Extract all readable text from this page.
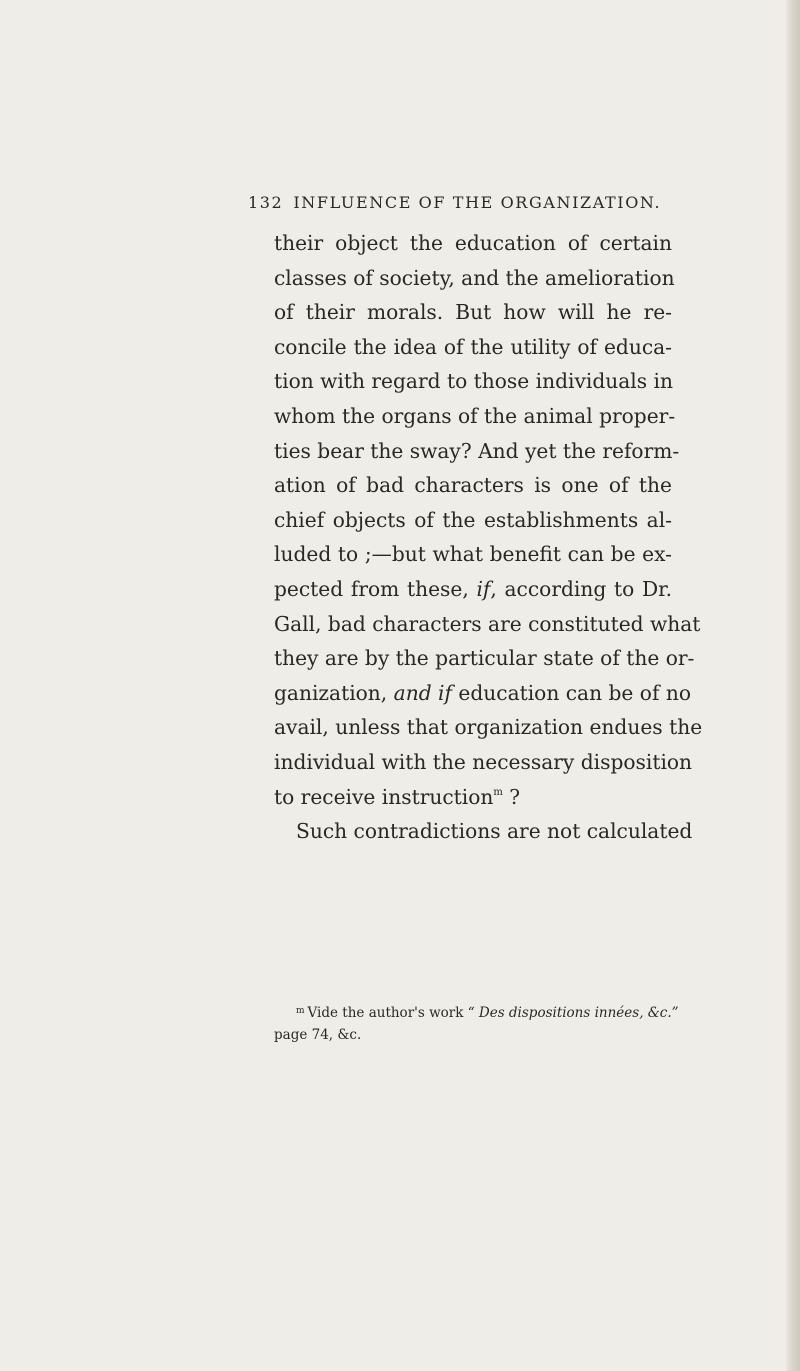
132 INFLUENCE OF THE ORGANIZATION.
their object the education of certain
classes of society, and the amelioration
of their morals. But how will he re-
concile the idea of the utility of educa-
tion with regard to those individuals in
whom the organs of the animal proper-
ties bear the sway? And yet the reform-
ation of bad characters is one of the
chief objects of the establishments al-
luded to ;—but what benefit can be ex-
pected from these, if, according to Dr.
Gall, bad characters are constituted what
they are by the particular state of the or-
ganization, and if education can be of no
avail, unless that organization endues the
individual with the necessary disposition
to receive instruction$^m$ ?
Such contradictions are not calculated
$^m$ Vide the author's work “ Des dispositions innées, &c.”
page 74, &c.
